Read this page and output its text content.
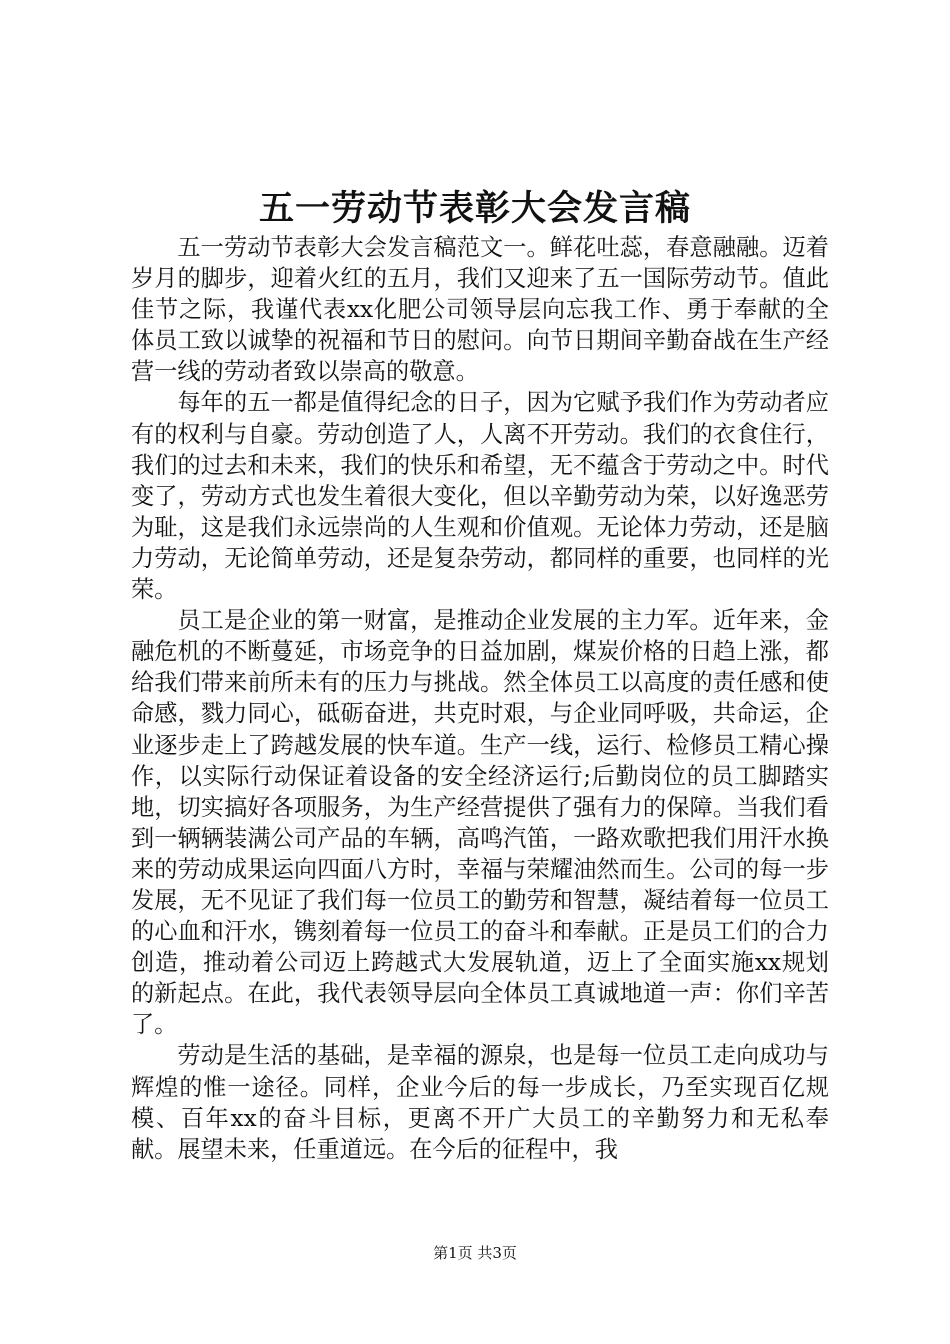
五一劳动节表彰大会发言稿

五一劳动节表彰大会发言稿范文一。鲜花吐蕊，春意融融。迈着岁月的脚步，迎着火红的五月，我们又迎来了五一国际劳动节。值此佳节之际，我谨代表xx化肥公司领导层向忘我工作、勇于奉献的全体员工致以诚挚的祝福和节日的慰问。向节日期间辛勤奋战在生产经营一线的劳动者致以崇高的敬意。

每年的五一都是值得纪念的日子，因为它赋予我们作为劳动者应有的权利与自豪。劳动创造了人，人离不开劳动。我们的衣食住行，我们的过去和未来，我们的快乐和希望，无不蕴含于劳动之中。时代变了，劳动方式也发生着很大变化，但以辛勤劳动为荣，以好逸恶劳为耻，这是我们永远崇尚的人生观和价值观。无论体力劳动，还是脑力劳动，无论简单劳动，还是复杂劳动，都同样的重要，也同样的光荣。

员工是企业的第一财富，是推动企业发展的主力军。近年来，金融危机的不断蔓延，市场竞争的日益加剧，煤炭价格的日趋上涨，都给我们带来前所未有的压力与挑战。然全体员工以高度的责任感和使命感，戮力同心，砥砺奋进，共克时艰，与企业同呼吸，共命运，企业逐步走上了跨越发展的快车道。生产一线，运行、检修员工精心操作，以实际行动保证着设备的安全经济运行;后勤岗位的员工脚踏实地，切实搞好各项服务，为生产经营提供了强有力的保障。当我们看到一辆辆装满公司产品的车辆，高鸣汽笛，一路欢歌把我们用汗水换来的劳动成果运向四面八方时，幸福与荣耀油然而生。公司的每一步发展，无不见证了我们每一位员工的勤劳和智慧，凝结着每一位员工的心血和汗水，镌刻着每一位员工的奋斗和奉献。正是员工们的合力创造，推动着公司迈上跨越式大发展轨道，迈上了全面实施xx规划的新起点。在此，我代表领导层向全体员工真诚地道一声：你们辛苦了。

劳动是生活的基础，是幸福的源泉，也是每一位员工走向成功与辉煌的惟一途径。同样，企业今后的每一步成长，乃至实现百亿规模、百年xx的奋斗目标，更离不开广大员工的辛勤努力和无私奉献。展望未来，任重道远。在今后的征程中，我

第1页 共3页
